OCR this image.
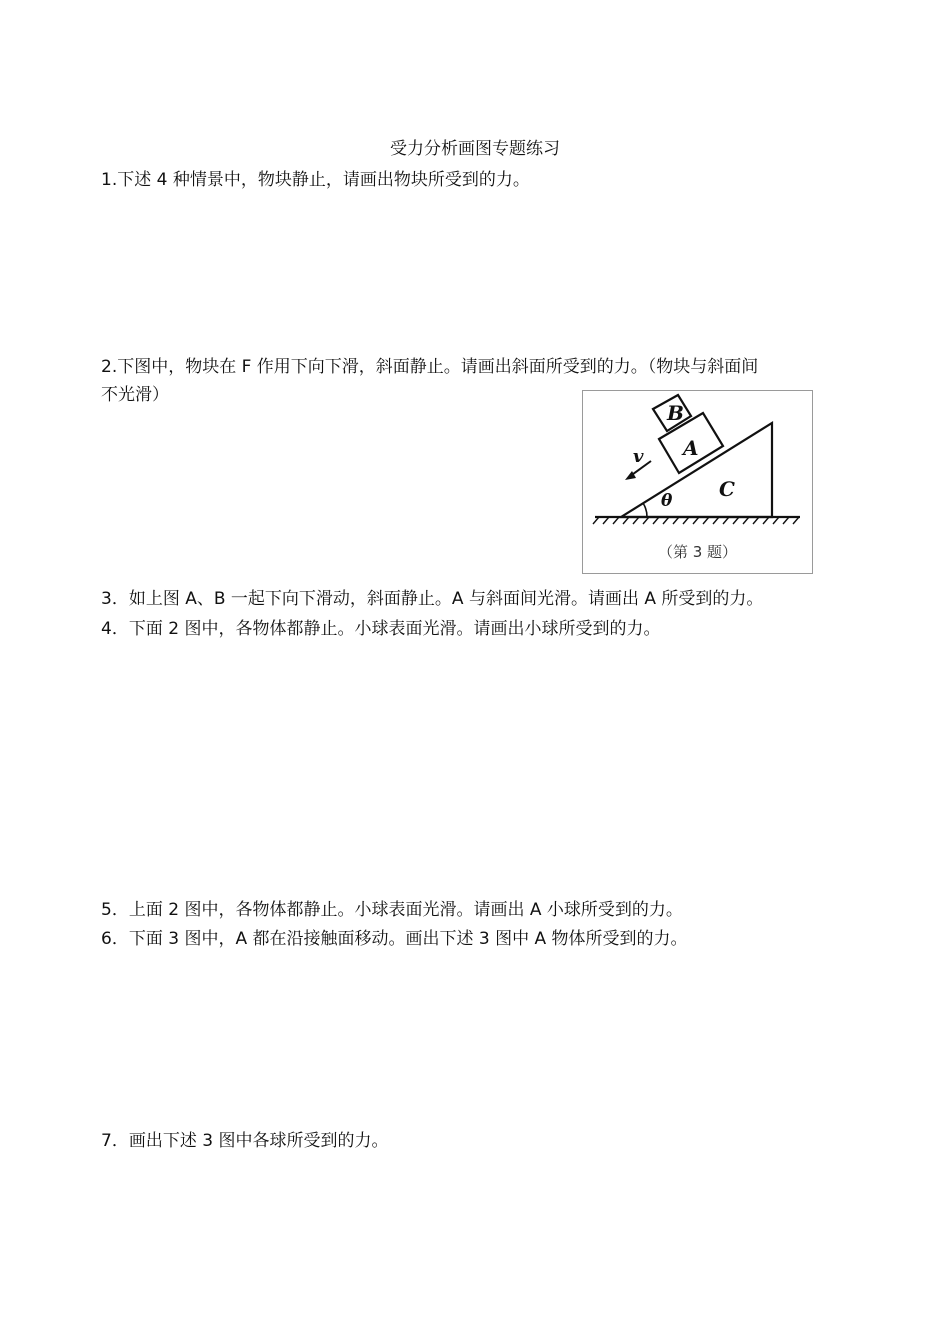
受力分析画图专题练习
1.下述 4 种情景中，物块静止，请画出物块所受到的力。
2.下图中，物块在 F 作用下向下滑，斜面静止。请画出斜面所受到的力。（物块与斜面间
不光滑）
B
A
C
v
θ
（第 3 题）
3．如上图 A、B 一起下向下滑动，斜面静止。A 与斜面间光滑。请画出 A 所受到的力。
4．下面 2 图中，各物体都静止。小球表面光滑。请画出小球所受到的力。
5．上面 2 图中，各物体都静止。小球表面光滑。请画出 A 小球所受到的力。
6．下面 3 图中，A 都在沿接触面移动。画出下述 3 图中 A 物体所受到的力。
7．画出下述 3 图中各球所受到的力。
